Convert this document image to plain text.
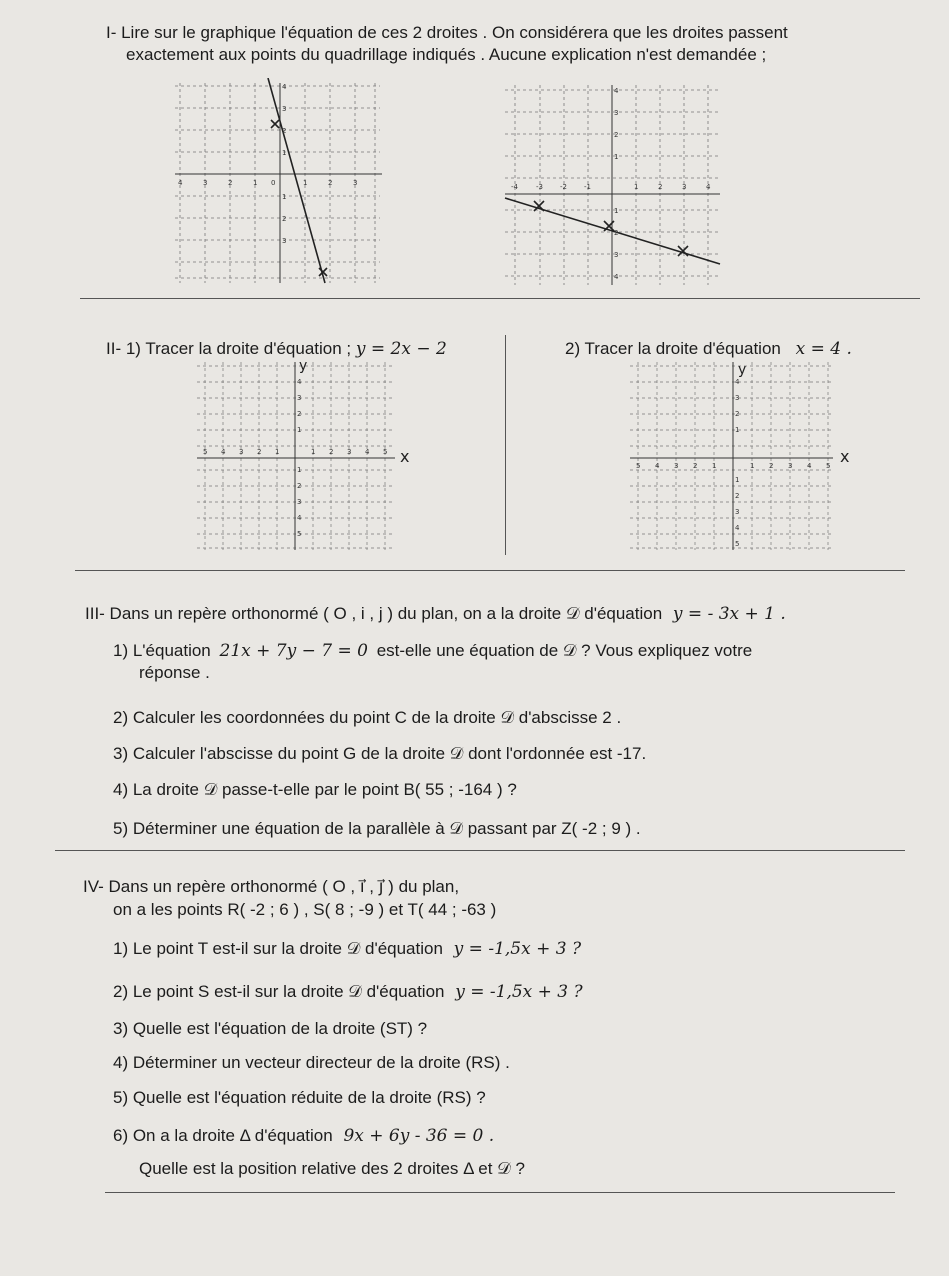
I- Lire sur le graphique l'équation de ces 2 droites . On considérera que les droites passent
exactement aux points du quadrillage indiqués . Aucune explication n'est demandée ;
4	3	2	1 0	1	2	3
4
3
2
1
1
2
3
-4	-3 -2 -1	1	2	3	4
4
3
2
1
1
2
3
4
II- 1) Tracer la droite d'équation ; y = 2x − 2	2) Tracer la droite d'équation x = 4 .
y
x
5 4 3 2 1	1 2 3 4 5
4
3
2
1
1
2
3
4
5
y
x
5 4 3 2 1	1 2 3 4 5
4
3
2
1
1
2
3
4
5
III- Dans un repère orthonormé ( O , i , j ) du plan, on a la droite 𝒟 d'équation y = - 3x + 1 .
1) L'équation 21x + 7y − 7 = 0 est-elle une équation de 𝒟 ? Vous expliquez votre
réponse .
2) Calculer les coordonnées du point C de la droite 𝒟 d'abscisse 2 .
3) Calculer l'abscisse du point G de la droite 𝒟 dont l'ordonnée est -17.
4) La droite 𝒟 passe-t-elle par le point B( 55 ; -164 ) ?
5) Déterminer une équation de la parallèle à 𝒟 passant par Z( -2 ; 9 ) .
IV- Dans un repère orthonormé ( O , ı⃗ , ȷ⃗ ) du plan,
on a les points R( -2 ; 6 ) , S( 8 ; -9 ) et T( 44 ; -63 )
1) Le point T est-il sur la droite 𝒟 d'équation y = -1,5x + 3 ?
2) Le point S est-il sur la droite 𝒟 d'équation y = -1,5x + 3 ?
3) Quelle est l'équation de la droite (ST) ?
4) Déterminer un vecteur directeur de la droite (RS) .
5) Quelle est l'équation réduite de la droite (RS) ?
6) On a la droite Δ d'équation 9x + 6y - 36 = 0 .
Quelle est la position relative des 2 droites Δ et 𝒟 ?
